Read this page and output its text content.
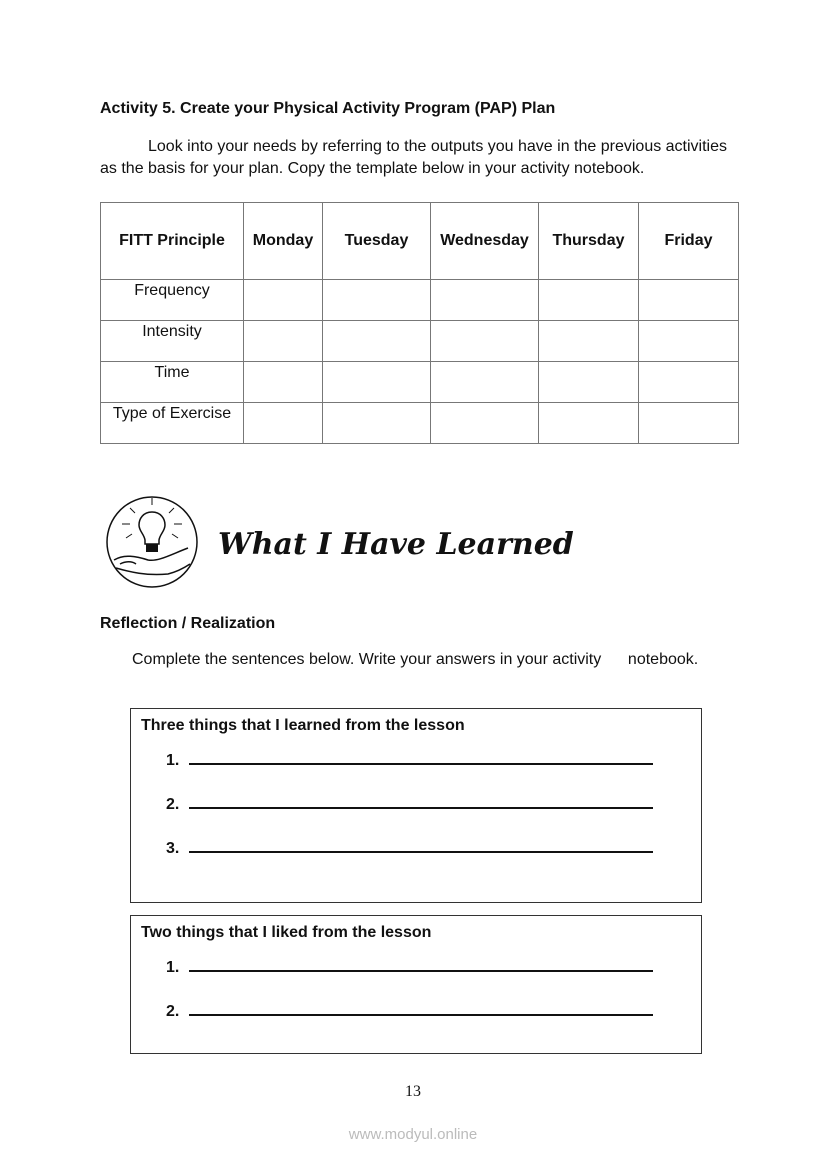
Activity 5. Create your Physical Activity Program (PAP) Plan
Look into your needs by referring to the outputs you have in the previous activities
as the basis for your plan. Copy the template below in your activity notebook.
FITT Principle	Monday	Tuesday	Wednesday	Thursday	Friday
Frequency					
Intensity					
Time					
Type of Exercise					
What I Have Learned
Reflection / Realization
Complete the sentences below. Write your answers in your activity      notebook.
Three things that I learned from the lesson
1.
2.
3.
Two things that I liked from the lesson
1.
2.
13
www.modyul.online
